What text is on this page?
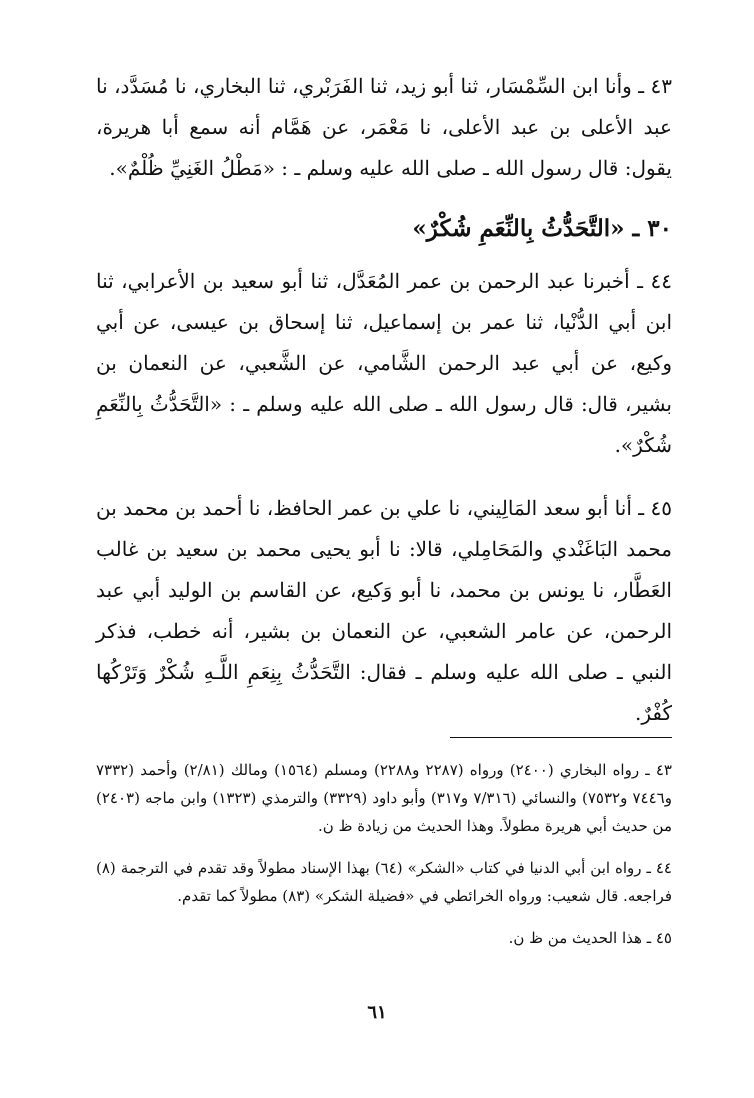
٤٣ ـ وأنا ابن السِّمْسَار، ثنا أبو زيد، ثنا الفَرَبْري، ثنا البخاري، نا مُسَدَّد، نا عبد الأعلى بن عبد الأعلى، نا مَعْمَر، عن هَمَّام أنه سمع أبا هريرة، يقول: قال رسول الله ـ صلى الله عليه وسلم ـ : «مَطْلُ الغَنِيِّ ظُلْمٌ».

٣٠ ـ «التَّحَدُّثُ بِالنِّعَمِ شُكْرٌ»

٤٤ ـ أخبرنا عبد الرحمن بن عمر المُعَدَّل، ثنا أبو سعيد بن الأعرابي، ثنا ابن أبي الدُّنْيا، ثنا عمر بن إسماعيل، ثنا إسحاق بن عيسى، عن أبي وكيع، عن أبي عبد الرحمن الشَّامي، عن الشَّعبي، عن النعمان بن بشير، قال: قال رسول الله ـ صلى الله عليه وسلم ـ : «التَّحَدُّثُ بِالنِّعَمِ شُكْرٌ».

٤٥ ـ أنا أبو سعد المَالِيني، نا علي بن عمر الحافظ، نا أحمد بن محمد بن محمد البَاغَنْدي والمَحَامِلي، قالا: نا أبو يحيى محمد بن سعيد بن غالب العَطَّار، نا يونس بن محمد، نا أبو وَكيع، عن القاسم بن الوليد أبي عبد الرحمن، عن عامر الشعبي، عن النعمان بن بشير، أنه خطب، فذكر النبي ـ صلى الله عليه وسلم ـ فقال: التَّحَدُّثُ بِنِعَمِ اللَّـهِ شُكْرٌ وَتَرْكُها كُفْرٌ.

٤٣ ـ رواه البخاري (٢٤٠٠) ورواه (٢٢٨٧ و٢٢٨٨) ومسلم (١٥٦٤) ومالك (٢/٨١) وأحمد (٧٣٣٢ و٧٤٤٦ و٧٥٣٢) والنسائي (٧/٣١٦ و٣١٧) وأبو داود (٣٣٢٩) والترمذي (١٣٢٣) وابن ماجه (٢٤٠٣) من حديث أبي هريرة مطولاً. وهذا الحديث من زيادة ظ ن.

٤٤ ـ رواه ابن أبي الدنيا في كتاب «الشكر» (٦٤) بهذا الإسناد مطولاً وقد تقدم في الترجمة (٨) فراجعه. قال شعيب: ورواه الخرائطي في «فضيلة الشكر» (٨٣) مطولاً كما تقدم.

٤٥ ـ هذا الحديث من ظ ن.

٦١
